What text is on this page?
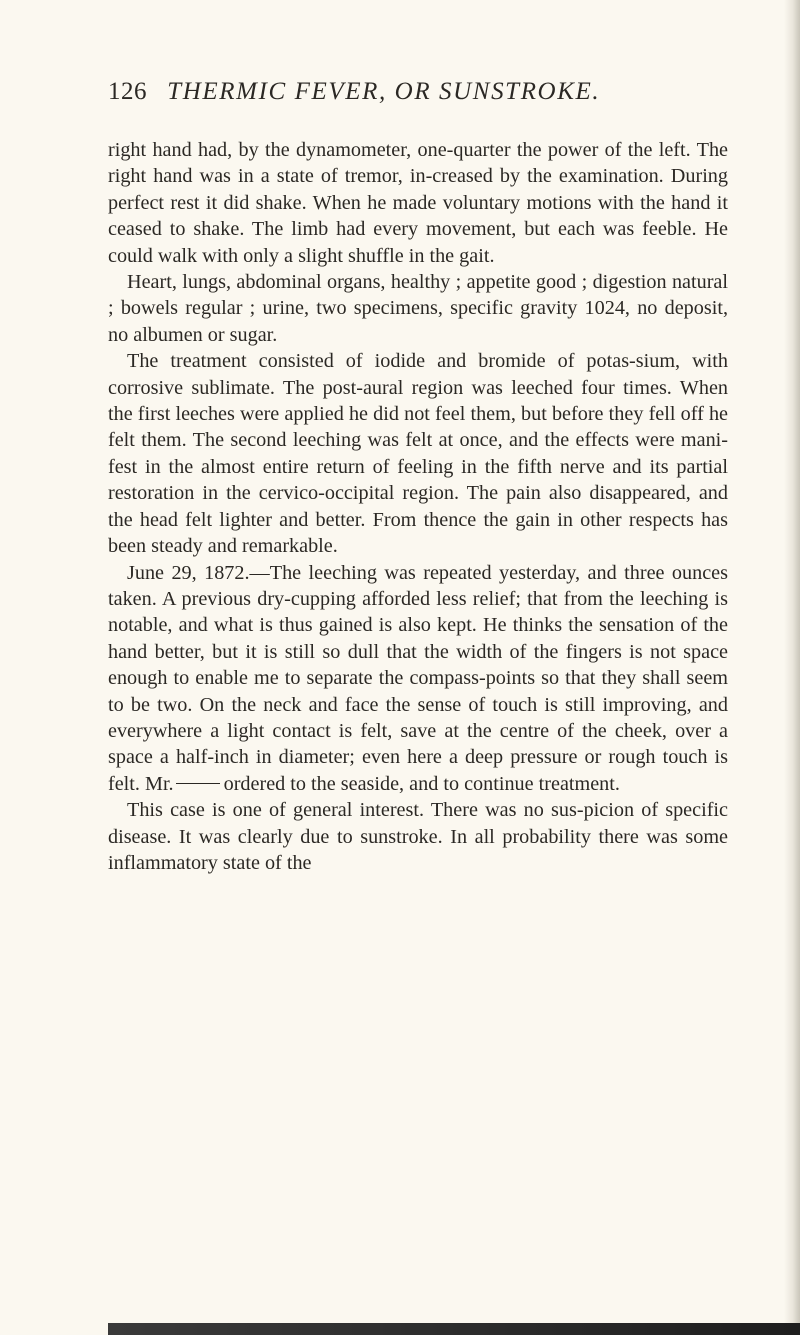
126 THERMIC FEVER, OR SUNSTROKE.

right hand had, by the dynamometer, one-quarter the power of the left. The right hand was in a state of tremor, in-creased by the examination. During perfect rest it did shake. When he made voluntary motions with the hand it ceased to shake. The limb had every movement, but each was feeble. He could walk with only a slight shuffle in the gait.

Heart, lungs, abdominal organs, healthy ; appetite good ; digestion natural ; bowels regular ; urine, two specimens, specific gravity 1024, no deposit, no albumen or sugar.

The treatment consisted of iodide and bromide of potas-sium, with corrosive sublimate. The post-aural region was leeched four times. When the first leeches were applied he did not feel them, but before they fell off he felt them. The second leeching was felt at once, and the effects were mani-fest in the almost entire return of feeling in the fifth nerve and its partial restoration in the cervico-occipital region. The pain also disappeared, and the head felt lighter and better. From thence the gain in other respects has been steady and remarkable.

June 29, 1872.—The leeching was repeated yesterday, and three ounces taken. A previous dry-cupping afforded less relief; that from the leeching is notable, and what is thus gained is also kept. He thinks the sensation of the hand better, but it is still so dull that the width of the fingers is not space enough to enable me to separate the compass-points so that they shall seem to be two. On the neck and face the sense of touch is still improving, and everywhere a light contact is felt, save at the centre of the cheek, over a space a half-inch in diameter; even here a deep pressure or rough touch is felt. Mr. ordered to the seaside, and to continue treatment.

This case is one of general interest. There was no sus-picion of specific disease. It was clearly due to sunstroke. In all probability there was some inflammatory state of the
